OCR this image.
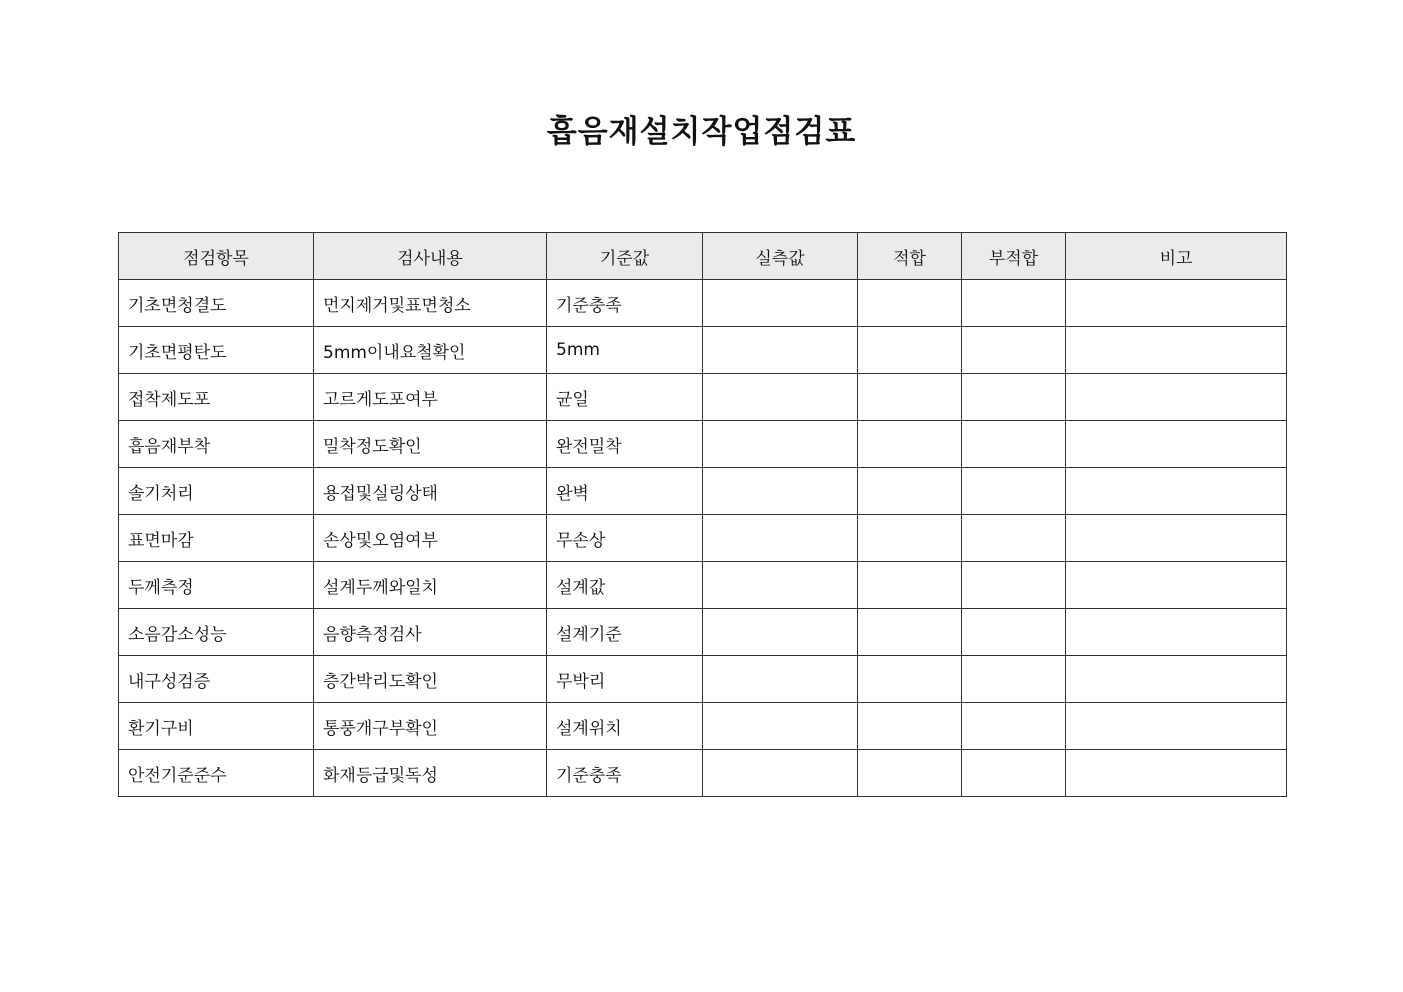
흡음재설치작업점검표
점검항목	검사내용	기준값	실측값	적합	부적합	비고
기초면청결도	먼지제거및표면청소	기준충족				
기초면평탄도	5mm이내요철확인	5mm				
접착제도포	고르게도포여부	균일				
흡음재부착	밀착정도확인	완전밀착				
솔기처리	용접및실링상태	완벽				
표면마감	손상및오염여부	무손상				
두께측정	설계두께와일치	설계값				
소음감소성능	음향측정검사	설계기준				
내구성검증	층간박리도확인	무박리				
환기구비	통풍개구부확인	설계위치				
안전기준준수	화재등급및독성	기준충족				
